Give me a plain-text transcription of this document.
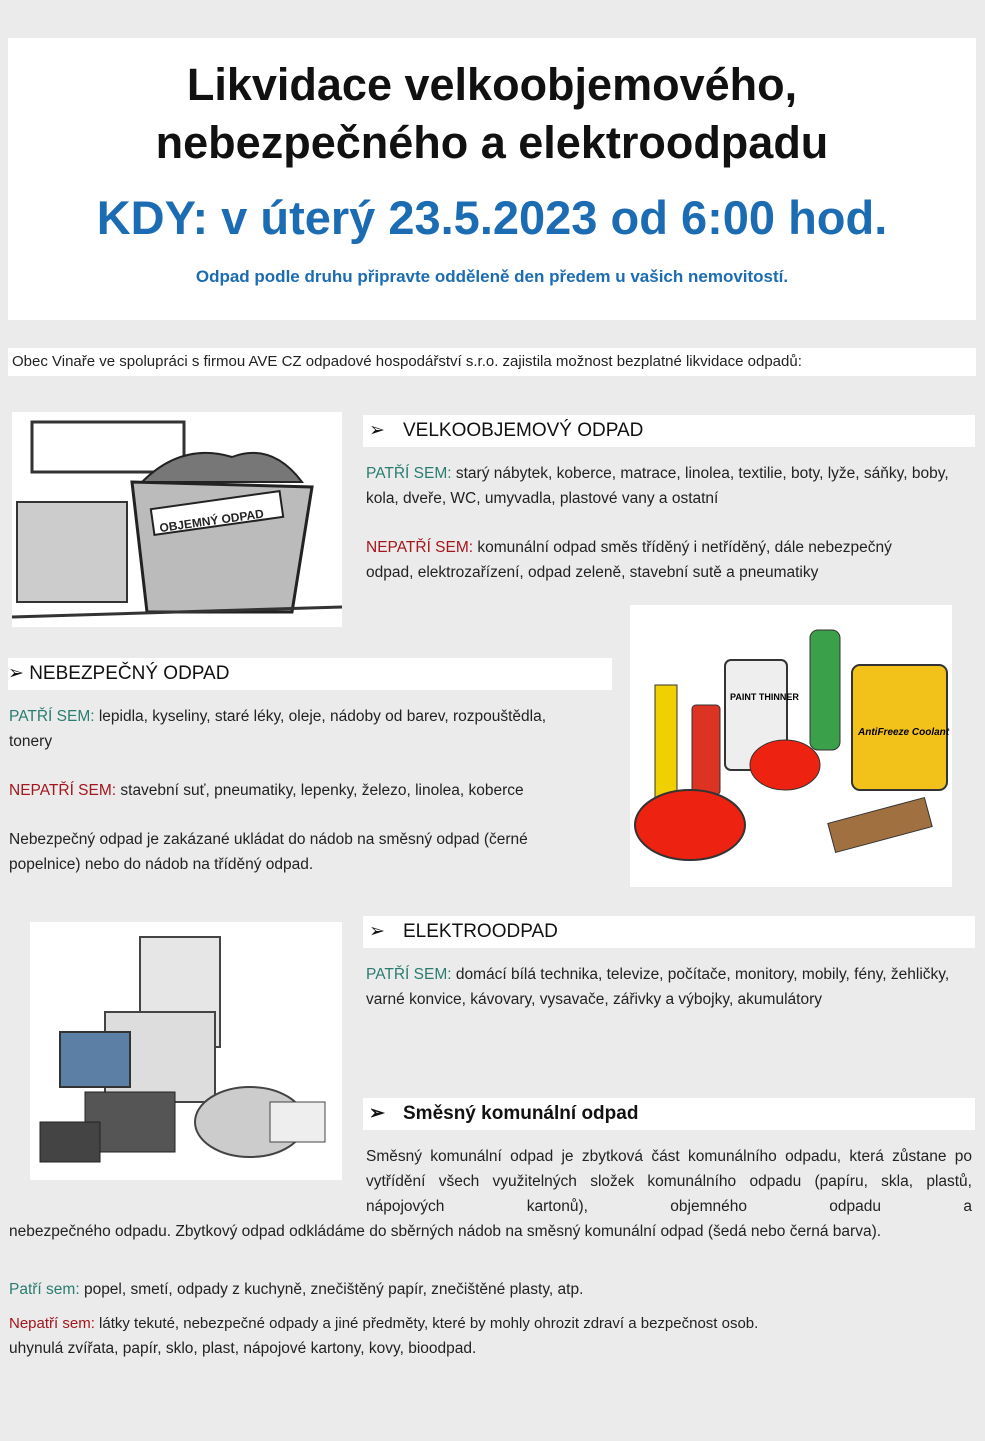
Likvidace velkoobjemového,
nebezpečného a elektroodpadu
KDY: v úterý 23.5.2023 od 6:00 hod.
Odpad podle druhu připravte odděleně den předem u vašich nemovitostí.
Obec Vinaře ve spolupráci s firmou AVE CZ odpadové hospodářství s.r.o. zajistila možnost bezplatné likvidace odpadů:
OBJEMNÝ ODPAD
➢ VELKOOBJEMOVÝ ODPAD
PATŘÍ SEM: starý nábytek, koberce, matrace, linolea, textilie, boty, lyže, sáňky, boby, kola, dveře, WC, umyvadla, plastové vany a ostatní
NEPATŘÍ SEM: komunální odpad směs tříděný i netříděný, dále nebezpečný odpad, elektrozařízení, odpad zeleně, stavební sutě a pneumatiky
➢ NEBEZPEČNÝ ODPAD
PATŘÍ SEM: lepidla, kyseliny, staré léky, oleje, nádoby od barev, rozpouštědla, tonery
NEPATŘÍ SEM: stavební suť, pneumatiky, lepenky, železo, linolea, koberce
Nebezpečný odpad je zakázané ukládat do nádob na směsný odpad (černé popelnice) nebo do nádob na tříděný odpad.
PAINT THINNER
AntiFreeze Coolant
➢ ELEKTROODPAD
PATŘÍ SEM: domácí bílá technika, televize, počítače, monitory, mobily, fény, žehličky, varné konvice, kávovary, vysavače, zářivky a výbojky, akumulátory
➢ Směsný komunální odpad
Směsný komunální odpad je zbytková část komunálního odpadu, která zůstane po vytřídění všech využitelných složek komunálního odpadu (papíru, skla, plastů, nápojových kartonů), objemného odpadu a
nebezpečného odpadu. Zbytkový odpad odkládáme do sběrných nádob na směsný komunální odpad (šedá nebo černá barva).
Patří sem: popel, smetí, odpady z kuchyně, znečištěný papír, znečištěné plasty, atp.
Nepatří sem: látky tekuté, nebezpečné odpady a jiné předměty, které by mohly ohrozit zdraví a bezpečnost osob.
uhynulá zvířata, papír, sklo, plast, nápojové kartony, kovy, bioodpad.
